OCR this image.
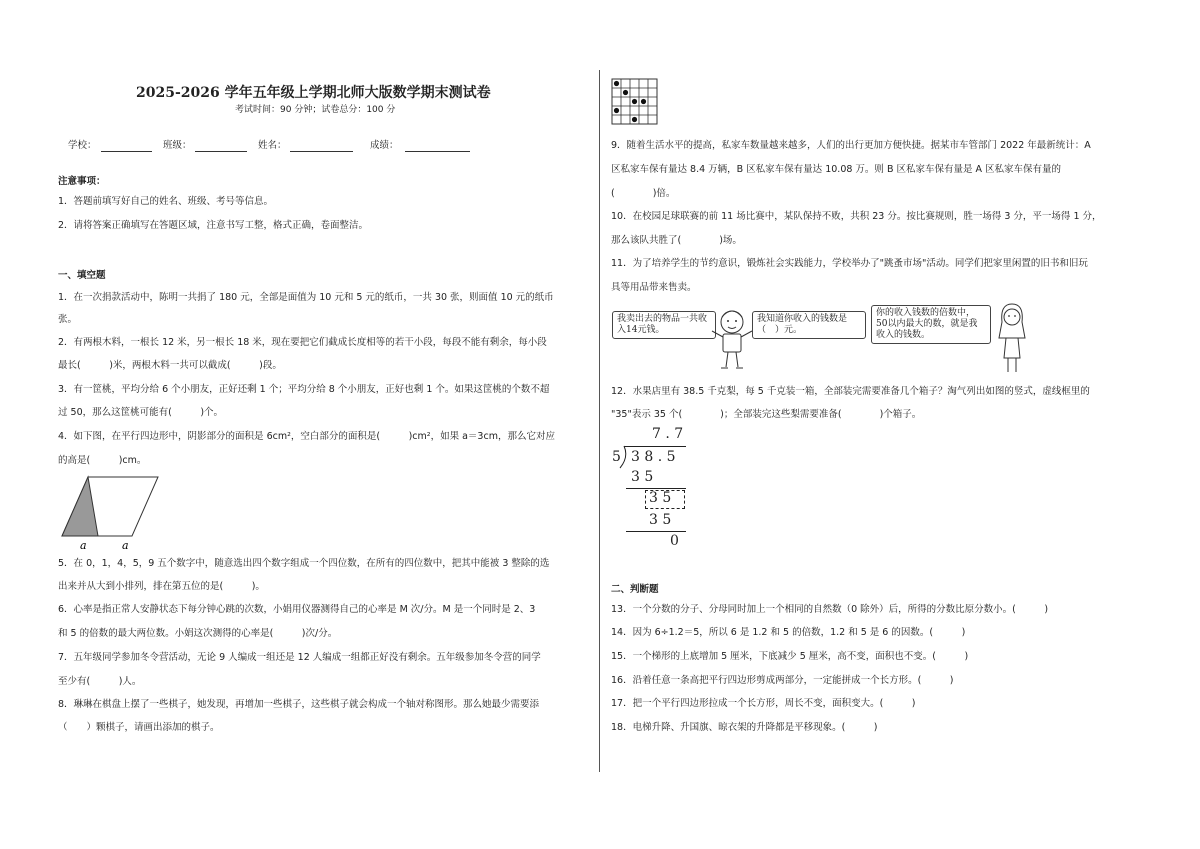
2025-2026 学年五年级上学期北师大版数学期末测试卷
考试时间：90 分钟；试卷总分：100 分
学校：	班级：	姓名：	成绩：
注意事项：
1．答题前填写好自己的姓名、班级、考号等信息。
2．请将答案正确填写在答题区域，注意书写工整，格式正确，卷面整洁。
一、填空题
1．在一次捐款活动中，陈明一共捐了 180 元，全部是面值为 10 元和 5 元的纸币，一共 30 张，则面值 10 元的纸币
张。
2．有两根木料，一根长 12 米，另一根长 18 米，现在要把它们截成长度相等的若干小段，每段不能有剩余，每小段
最长(　　　)米，两根木料一共可以截成(　　　)段。
3．有一筐桃，平均分给 6 个小朋友，正好还剩 1 个；平均分给 8 个小朋友，正好也剩 1 个。如果这筐桃的个数不超
过 50，那么这筐桃可能有(　　　)个。
4．如下图，在平行四边形中，阴影部分的面积是 6cm²，空白部分的面积是(　　　)cm²，如果 a＝3cm，那么它对应
的高是(　　　)cm。
a	a
5．在 0，1，4，5，9 五个数字中，随意选出四个数字组成一个四位数，在所有的四位数中，把其中能被 3 整除的选
出来并从大到小排列，排在第五位的是(　　　)。
6．心率是指正常人安静状态下每分钟心跳的次数，小娟用仪器测得自己的心率是 M 次/分。M 是一个同时是 2、3
和 5 的倍数的最大两位数。小娟这次测得的心率是(　　　)次/分。
7．五年级同学参加冬令营活动，无论 9 人编成一组还是 12 人编成一组都正好没有剩余。五年级参加冬令营的同学
至少有(　　　)人。
8．琳琳在棋盘上摆了一些棋子，她发现，再增加一些棋子，这些棋子就会构成一个轴对称图形。那么她最少需要添
（　　）颗棋子，请画出添加的棋子。
9．随着生活水平的提高，私家车数量越来越多，人们的出行更加方便快捷。据某市车管部门 2022 年最新统计：A
区私家车保有量达 8.4 万辆，B 区私家车保有量达 10.08 万。则 B 区私家车保有量是 A 区私家车保有量的
(　　　　)倍。
10．在校园足球联赛的前 11 场比赛中，某队保持不败，共积 23 分。按比赛规则，胜一场得 3 分，平一场得 1 分，
那么该队共胜了(　　　　)场。
11．为了培养学生的节约意识，锻炼社会实践能力，学校举办了"跳蚤市场"活动。同学们把家里闲置的旧书和旧玩
具等用品带来售卖。
我卖出去的物品一共收入14元钱。
我知道你收入的钱数是（　）元。
你的收入钱数的倍数中，50以内最大的数，就是我收入的钱数。
12．水果店里有 38.5 千克梨，每 5 千克装一箱，全部装完需要准备几个箱子？淘气列出如图的竖式，虚线框里的
"35"表示 35 个(　　　　)；全部装完这些梨需要准备(　　　　)个箱子。
7 . 7
5 3 8 . 5
3 5
3 5
3 5
0
二、判断题
13．一个分数的分子、分母同时加上一个相同的自然数（0 除外）后，所得的分数比原分数小。(　　　)
14．因为 6÷1.2＝5，所以 6 是 1.2 和 5 的倍数，1.2 和 5 是 6 的因数。(　　　)
15．一个梯形的上底增加 5 厘米，下底减少 5 厘米，高不变，面积也不变。(　　　)
16．沿着任意一条高把平行四边形剪成两部分，一定能拼成一个长方形。(　　　)
17．把一个平行四边形拉成一个长方形，周长不变，面积变大。(　　　)
18．电梯升降、升国旗、晾衣架的升降都是平移现象。(　　　)
